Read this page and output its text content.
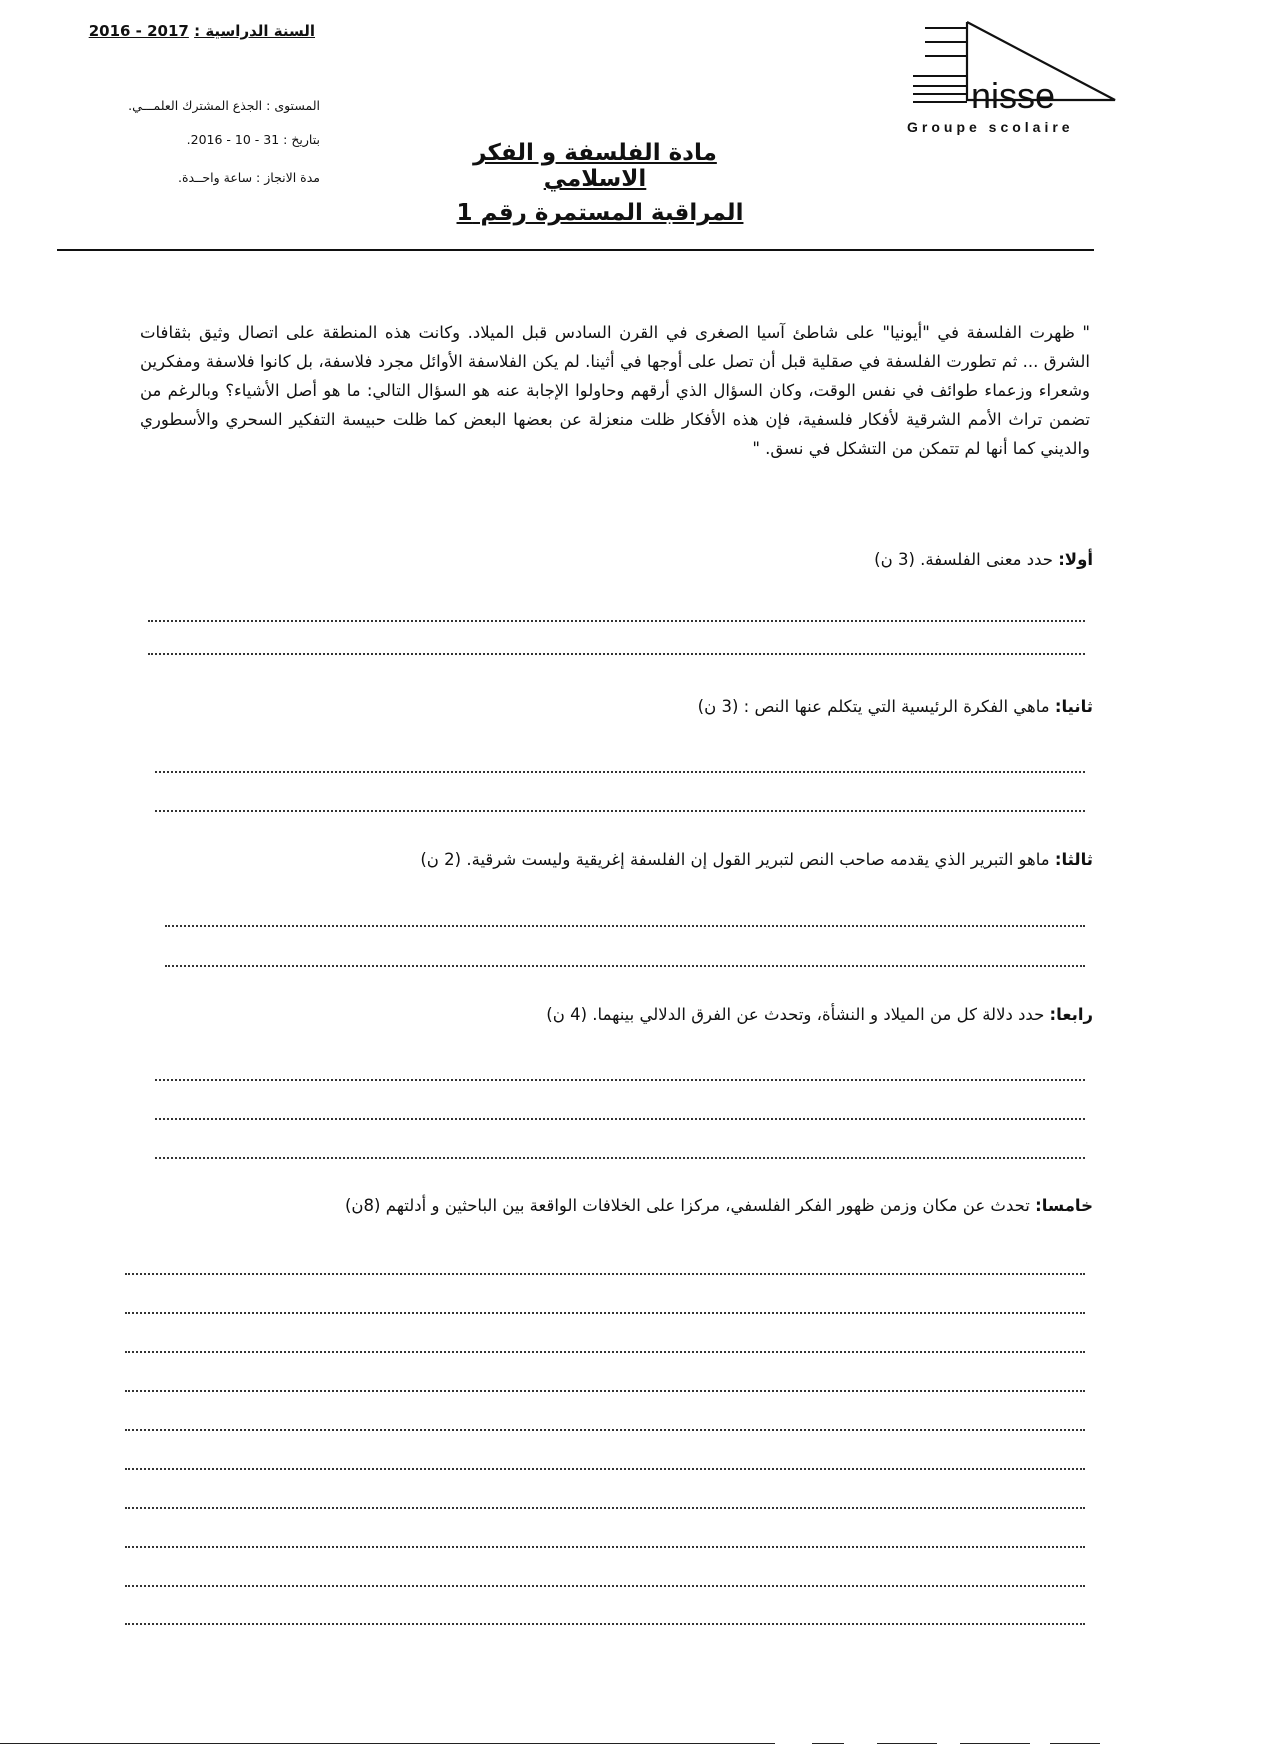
السنة الدراسية : 2016 - 2017
المستوى : الجذع المشترك العلمـــي.
بتاريخ : 31 - 10 - 2016.
مدة الانجاز : ساعة واحــدة.
nisse
Groupe scolaire
مادة الفلسفة و الفكر الاسلامي
المراقبة المستمرة رقم 1
" ظهرت الفلسفة في "أيونيا" على شاطئ آسيا الصغرى في القرن السادس قبل الميلاد. وكانت هذه المنطقة على اتصال وثيق بثقافات الشرق ... ثم تطورت الفلسفة في صقلية قبل أن تصل على أوجها في أثينا. لم يكن الفلاسفة الأوائل مجرد فلاسفة، بل كانوا فلاسفة ومفكرين وشعراء وزعماء طوائف في نفس الوقت، وكان السؤال الذي أرقهم وحاولوا الإجابة عنه هو السؤال التالي: ما هو أصل الأشياء؟ وبالرغم من تضمن تراث الأمم الشرقية لأفكار فلسفية، فإن هذه الأفكار ظلت منعزلة عن بعضها البعض كما ظلت حبيسة التفكير السحري والأسطوري والديني كما أنها لم تتمكن من التشكل في نسق. "
أولا: حدد معنى الفلسفة. (3 ن)
ثانيا: ماهي الفكرة الرئيسية التي يتكلم عنها النص : (3 ن)
ثالثا: ماهو التبرير الذي يقدمه صاحب النص لتبرير القول إن الفلسفة إغريقية وليست شرقية. (2 ن)
رابعا: حدد دلالة كل من الميلاد و النشأة، وتحدث عن الفرق الدلالي بينهما. (4 ن)
خامسا: تحدث عن مكان وزمن ظهور الفكر الفلسفي، مركزا على الخلافات الواقعة بين الباحثين و أدلتهم (8ن)
